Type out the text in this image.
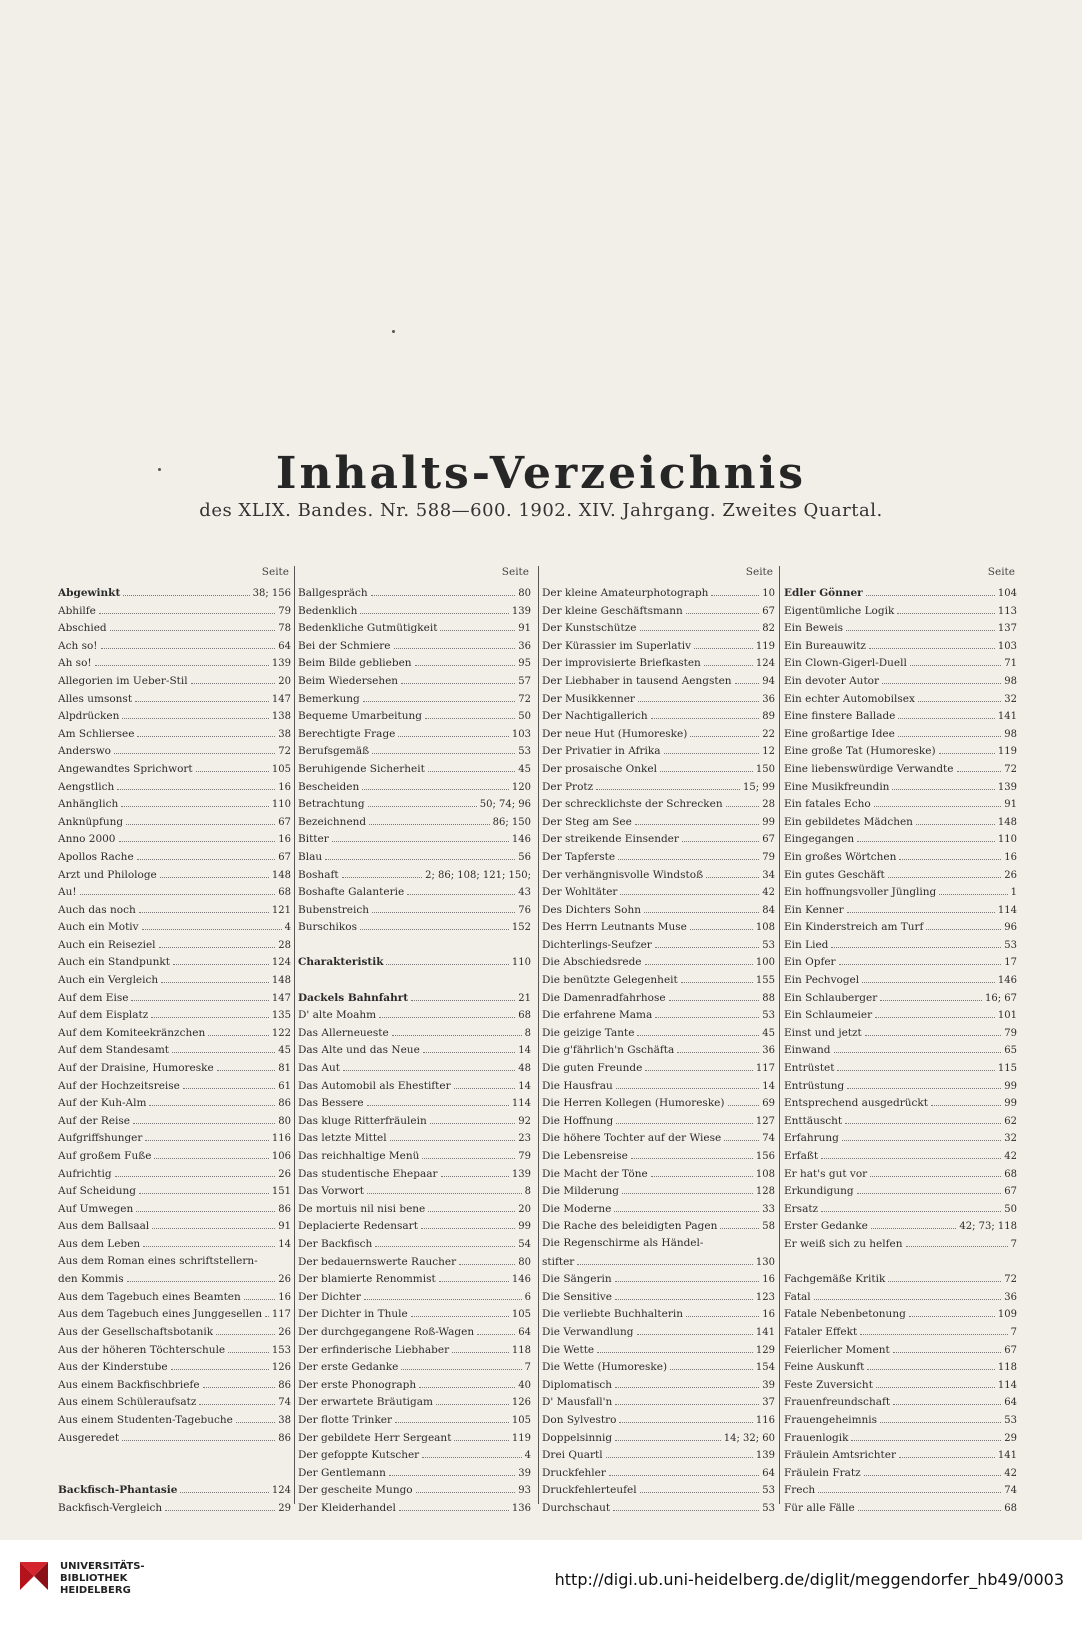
Inhalts-Verzeichnis
des XLIX. Bandes. Nr. 588—600. 1902. XIV. Jahrgang. Zweites Quartal.
Seite
Abgewinkt	38; 156
Abhilfe	79
Abschied	78
Ach so!	64
Ah so!	139
Allegorien im Ueber-Stil	20
Alles umsonst	147
Alpdrücken	138
Am Schliersee	38
Anderswo	72
Angewandtes Sprichwort	105
Aengstlich	16
Anhänglich	110
Anknüpfung	67
Anno 2000	16
Apollos Rache	67
Arzt und Philologe	148
Au!	68
Auch das noch	121
Auch ein Motiv	4
Auch ein Reiseziel	28
Auch ein Standpunkt	124
Auch ein Vergleich	148
Auf dem Eise	147
Auf dem Eisplatz	135
Auf dem Komiteekränzchen	122
Auf dem Standesamt	45
Auf der Draisine, Humoreske	81
Auf der Hochzeitsreise	61
Auf der Kuh-Alm	86
Auf der Reise	80
Aufgriffshunger	116
Auf großem Fuße	106
Aufrichtig	26
Auf Scheidung	151
Auf Umwegen	86
Aus dem Ballsaal	91
Aus dem Leben	14
Aus dem Roman eines schriftstellern-
den Kommis	26
Aus dem Tagebuch eines Beamten	16
Aus dem Tagebuch eines Junggesellen 117
Aus der Gesellschaftsbotanik	26
Aus der höheren Töchterschule	153
Aus der Kinderstube	126
Aus einem Backfischbriefe	86
Aus einem Schüleraufsatz	74
Aus einem Studenten-Tagebuche	38
Ausgeredet	86
Backfisch-Phantasie	124
Backfisch-Vergleich	29
Seite
Ballgespräch	80
Bedenklich	139
Bedenkliche Gutmütigkeit	91
Bei der Schmiere	36
Beim Bilde geblieben	95
Beim Wiedersehen	57
Bemerkung	72
Bequeme Umarbeitung	50
Berechtigte Frage	103
Berufsgemäß	53
Beruhigende Sicherheit	45
Bescheiden	120
Betrachtung	50; 74; 96
Bezeichnend	86; 150
Bitter	146
Blau	56
Boshaft	2; 86; 108; 121; 150;
Boshafte Galanterie	43
Bubenstreich	76
Burschikos	152
Charakteristik	110
Dackels Bahnfahrt	21
D' alte Moahm	68
Das Allerneueste	8
Das Alte und das Neue	14
Das Aut	48
Das Automobil als Ehestifter	14
Das Bessere	114
Das kluge Ritterfräulein	92
Das letzte Mittel	23
Das reichhaltige Menü	79
Das studentische Ehepaar	139
Das Vorwort	8
De mortuis nil nisi bene	20
Deplacierte Redensart	99
Der Backfisch	54
Der bedauernswerte Raucher	80
Der blamierte Renommist	146
Der Dichter	6
Der Dichter in Thule	105
Der durchgegangene Roß-Wagen	64
Der erfinderische Liebhaber	118
Der erste Gedanke	7
Der erste Phonograph	40
Der erwartete Bräutigam	126
Der flotte Trinker	105
Der gebildete Herr Sergeant	119
Der gefoppte Kutscher	4
Der Gentlemann	39
Der gescheite Mungo	93
Der Kleiderhandel	136
Seite
Der kleine Amateurphotograph	10
Der kleine Geschäftsmann	67
Der Kunstschütze	82
Der Kürassier im Superlativ	119
Der improvisierte Briefkasten	124
Der Liebhaber in tausend Aengsten	94
Der Musikkenner	36
Der Nachtigallerich	89
Der neue Hut (Humoreske)	22
Der Privatier in Afrika	12
Der prosaische Onkel	150
Der Protz	15; 99
Der schrecklichste der Schrecken	28
Der Steg am See	99
Der streikende Einsender	67
Der Tapferste	79
Der verhängnisvolle Windstoß	34
Der Wohltäter	42
Des Dichters Sohn	84
Des Herrn Leutnants Muse	108
Dichterlings-Seufzer	53
Die Abschiedsrede	100
Die benützte Gelegenheit	155
Die Damenradfahrhose	88
Die erfahrene Mama	53
Die geizige Tante	45
Die g'fährlich'n Gschäfta	36
Die guten Freunde	117
Die Hausfrau	14
Die Herren Kollegen (Humoreske)	69
Die Hoffnung	127
Die höhere Tochter auf der Wiese	74
Die Lebensreise	156
Die Macht der Töne	108
Die Milderung	128
Die Moderne	33
Die Rache des beleidigten Pagen	58
Die Regenschirme als Händel-
stifter	130
Die Sängerin	16
Die Sensitive	123
Die verliebte Buchhalterin	16
Die Verwandlung	141
Die Wette	129
Die Wette (Humoreske)	154
Diplomatisch	39
D' Mausfall'n	37
Don Sylvestro	116
Doppelsinnig	14; 32; 60
Drei Quartl	139
Druckfehler	64
Druckfehlerteufel	53
Durchschaut	53
Seite
Edler Gönner	104
Eigentümliche Logik	113
Ein Beweis	137
Ein Bureauwitz	103
Ein Clown-Gigerl-Duell	71
Ein devoter Autor	98
Ein echter Automobilsex	32
Eine finstere Ballade	141
Eine großartige Idee	98
Eine große Tat (Humoreske)	119
Eine liebenswürdige Verwandte	72
Eine Musikfreundin	139
Ein fatales Echo	91
Ein gebildetes Mädchen	148
Eingegangen	110
Ein großes Wörtchen	16
Ein gutes Geschäft	26
Ein hoffnungsvoller Jüngling	1
Ein Kenner	114
Ein Kinderstreich am Turf	96
Ein Lied	53
Ein Opfer	17
Ein Pechvogel	146
Ein Schlauberger	16; 67
Ein Schlaumeier	101
Einst und jetzt	79
Einwand	65
Entrüstet	115
Entrüstung	99
Entsprechend ausgedrückt	99
Enttäuscht	62
Erfahrung	32
Erfaßt	42
Er hat's gut vor	68
Erkundigung	67
Ersatz	50
Erster Gedanke	42; 73; 118
Er weiß sich zu helfen	7
Fachgemäße Kritik	72
Fatal	36
Fatale Nebenbetonung	109
Fataler Effekt	7
Feierlicher Moment	67
Feine Auskunft	118
Feste Zuversicht	114
Frauenfreundschaft	64
Frauengeheimnis	53
Frauenlogik	29
Fräulein Amtsrichter	141
Fräulein Fratz	42
Frech	74
Für alle Fälle	68
UNIVERSITÄTS-
BIBLIOTHEK
HEIDELBERG
http://digi.ub.uni-heidelberg.de/diglit/meggendorfer_hb49/0003
